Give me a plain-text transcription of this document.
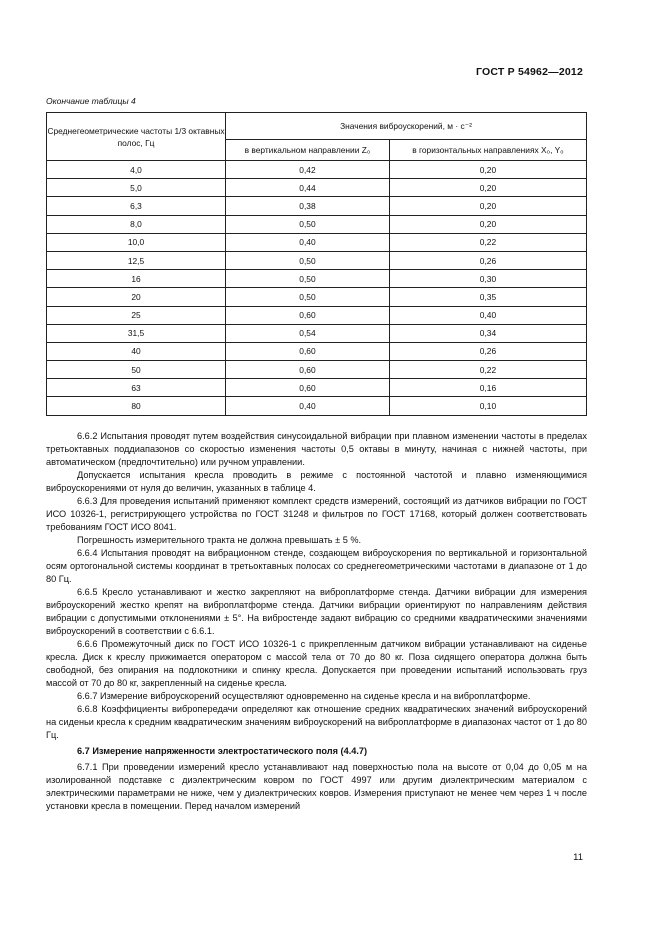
ГОСТ Р 54962—2012
Окончание таблицы 4
Среднегеометрические частоты 1/3 октавных полос, Гц	Значения виброускорений, м · с⁻²	
	в вертикальном направлении Z₀	в горизонтальных направлениях X₀, Y₀
4,0	0,42	0,20
5,0	0,44	0,20
6,3	0,38	0,20
8,0	0,50	0,20
10,0	0,40	0,22
12,5	0,50	0,26
16	0,50	0,30
20	0,50	0,35
25	0,60	0,40
31,5	0,54	0,34
40	0,60	0,26
50	0,60	0,22
63	0,60	0,16
80	0,40	0,10

6.6.2 Испытания проводят путем воздействия синусоидальной вибрации при плавном изменении частоты в пределах третьоктавных поддиапазонов со скоростью изменения частоты 0,5 октавы в минуту, начиная с нижней частоты, при автоматическом (предпочтительно) или ручном управлении.

Допускается испытания кресла проводить в режиме с постоянной частотой и плавно изменяющимися виброускорениями от нуля до величин, указанных в таблице 4.

6.6.3 Для проведения испытаний применяют комплект средств измерений, состоящий из датчиков вибрации по ГОСТ ИСО 10326-1, регистрирующего устройства по ГОСТ 31248 и фильтров по ГОСТ 17168, который должен соответствовать требованиям ГОСТ ИСО 8041.

Погрешность измерительного тракта не должна превышать ± 5 %.

6.6.4 Испытания проводят на вибрационном стенде, создающем виброускорения по вертикальной и горизонтальной осям ортогональной системы координат в третьоктавных полосах со среднегеометрическими частотами в диапазоне от 1 до 80 Гц.

6.6.5 Кресло устанавливают и жестко закрепляют на виброплатформе стенда. Датчики вибрации для измерения виброускорений жестко крепят на виброплатформе стенда. Датчики вибрации ориентируют по направлениям действия вибрации с допустимыми отклонениями ± 5°. На вибростенде задают вибрацию со средними квадратическими значениями виброускорений в соответствии с 6.6.1.

6.6.6 Промежуточный диск по ГОСТ ИСО 10326-1 с прикрепленным датчиком вибрации устанавливают на сиденье кресла. Диск к креслу прижимается оператором с массой тела от 70 до 80 кг. Поза сидящего оператора должна быть свободной, без опирания на подлокотники и спинку кресла. Допускается при проведении испытаний использовать груз массой от 70 до 80 кг, закрепленный на сиденье кресла.

6.6.7 Измерение виброускорений осуществляют одновременно на сиденье кресла и на виброплатформе.

6.6.8 Коэффициенты вибропередачи определяют как отношение средних квадратических значений виброускорений на сиденьи кресла к средним квадратическим значениям виброускорений на виброплатформе в диапазонах частот от 1 до 80 Гц.

6.7 Измерение напряженности электростатического поля (4.4.7)

6.7.1 При проведении измерений кресло устанавливают над поверхностью пола на высоте от 0,04 до 0,05 м на изолированной подставке с диэлектрическим ковром по ГОСТ 4997 или другим диэлектрическим материалом с электрическими параметрами не ниже, чем у диэлектрических ковров. Измерения приступают не менее чем через 1 ч после установки кресла в помещении. Перед началом измерений

11
